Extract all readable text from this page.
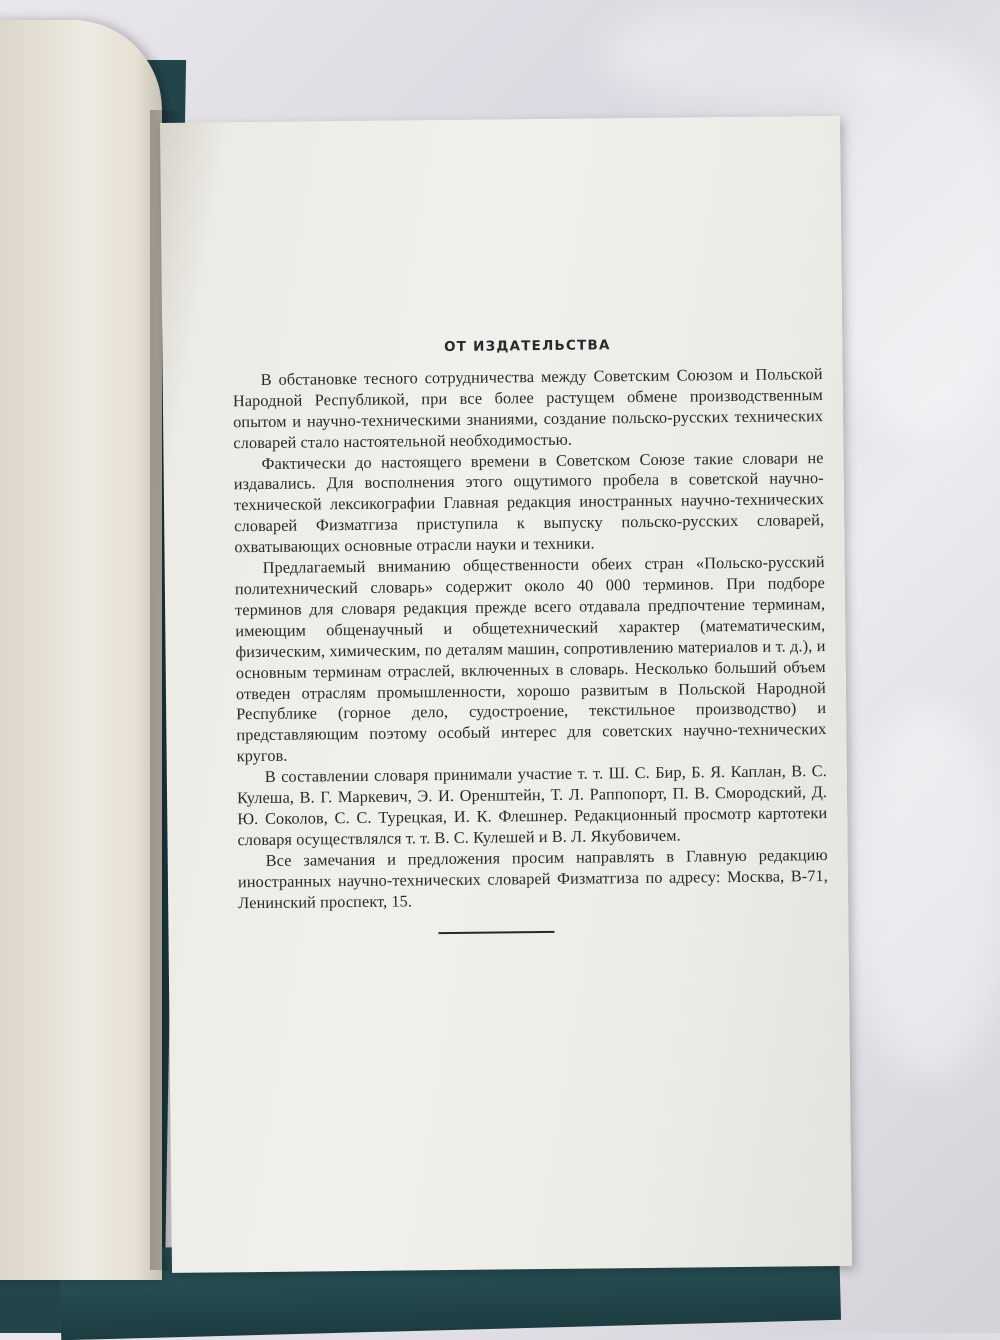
ОТ ИЗДАТЕЛЬСТВА

В обстановке тесного сотрудничества между Советским Союзом и Польской Народной Республикой, при все более растущем обмене производственным опытом и научно-техническими знаниями, создание польско-русских технических словарей стало настоятельной необходимостью.

Фактически до настоящего времени в Советском Союзе такие словари не издавались. Для восполнения этого ощутимого пробела в советской научно-технической лексикографии Главная редакция иностранных научно-технических словарей Физматгиза приступила к выпуску польско-русских словарей, охватывающих основные отрасли науки и техники.

Предлагаемый вниманию общественности обеих стран «Польско-русский политехнический словарь» содержит около 40 000 терминов. При подборе терминов для словаря редакция прежде всего отдавала предпочтение терминам, имеющим общенаучный и общетехнический характер (математическим, физическим, химическим, по деталям машин, сопротивлению материалов и т. д.), и основным терминам отраслей, включенных в словарь. Несколько больший объем отведен отраслям промышленности, хорошо развитым в Польской Народной Республике (горное дело, судостроение, текстильное производство) и представляющим поэтому особый интерес для советских научно-технических кругов.

В составлении словаря принимали участие т. т. Ш. С. Бир, Б. Я. Каплан, В. С. Кулеша, В. Г. Маркевич, Э. И. Оренштейн, Т. Л. Раппопорт, П. В. Смородский, Д. Ю. Соколов, С. С. Турецкая, И. К. Флешнер. Редакционный просмотр картотеки словаря осуществлялся т. т. В. С. Кулешей и В. Л. Якубовичем.

Все замечания и предложения просим направлять в Главную редакцию иностранных научно-технических словарей Физматгиза по адресу: Москва, В-71, Ленинский проспект, 15.
